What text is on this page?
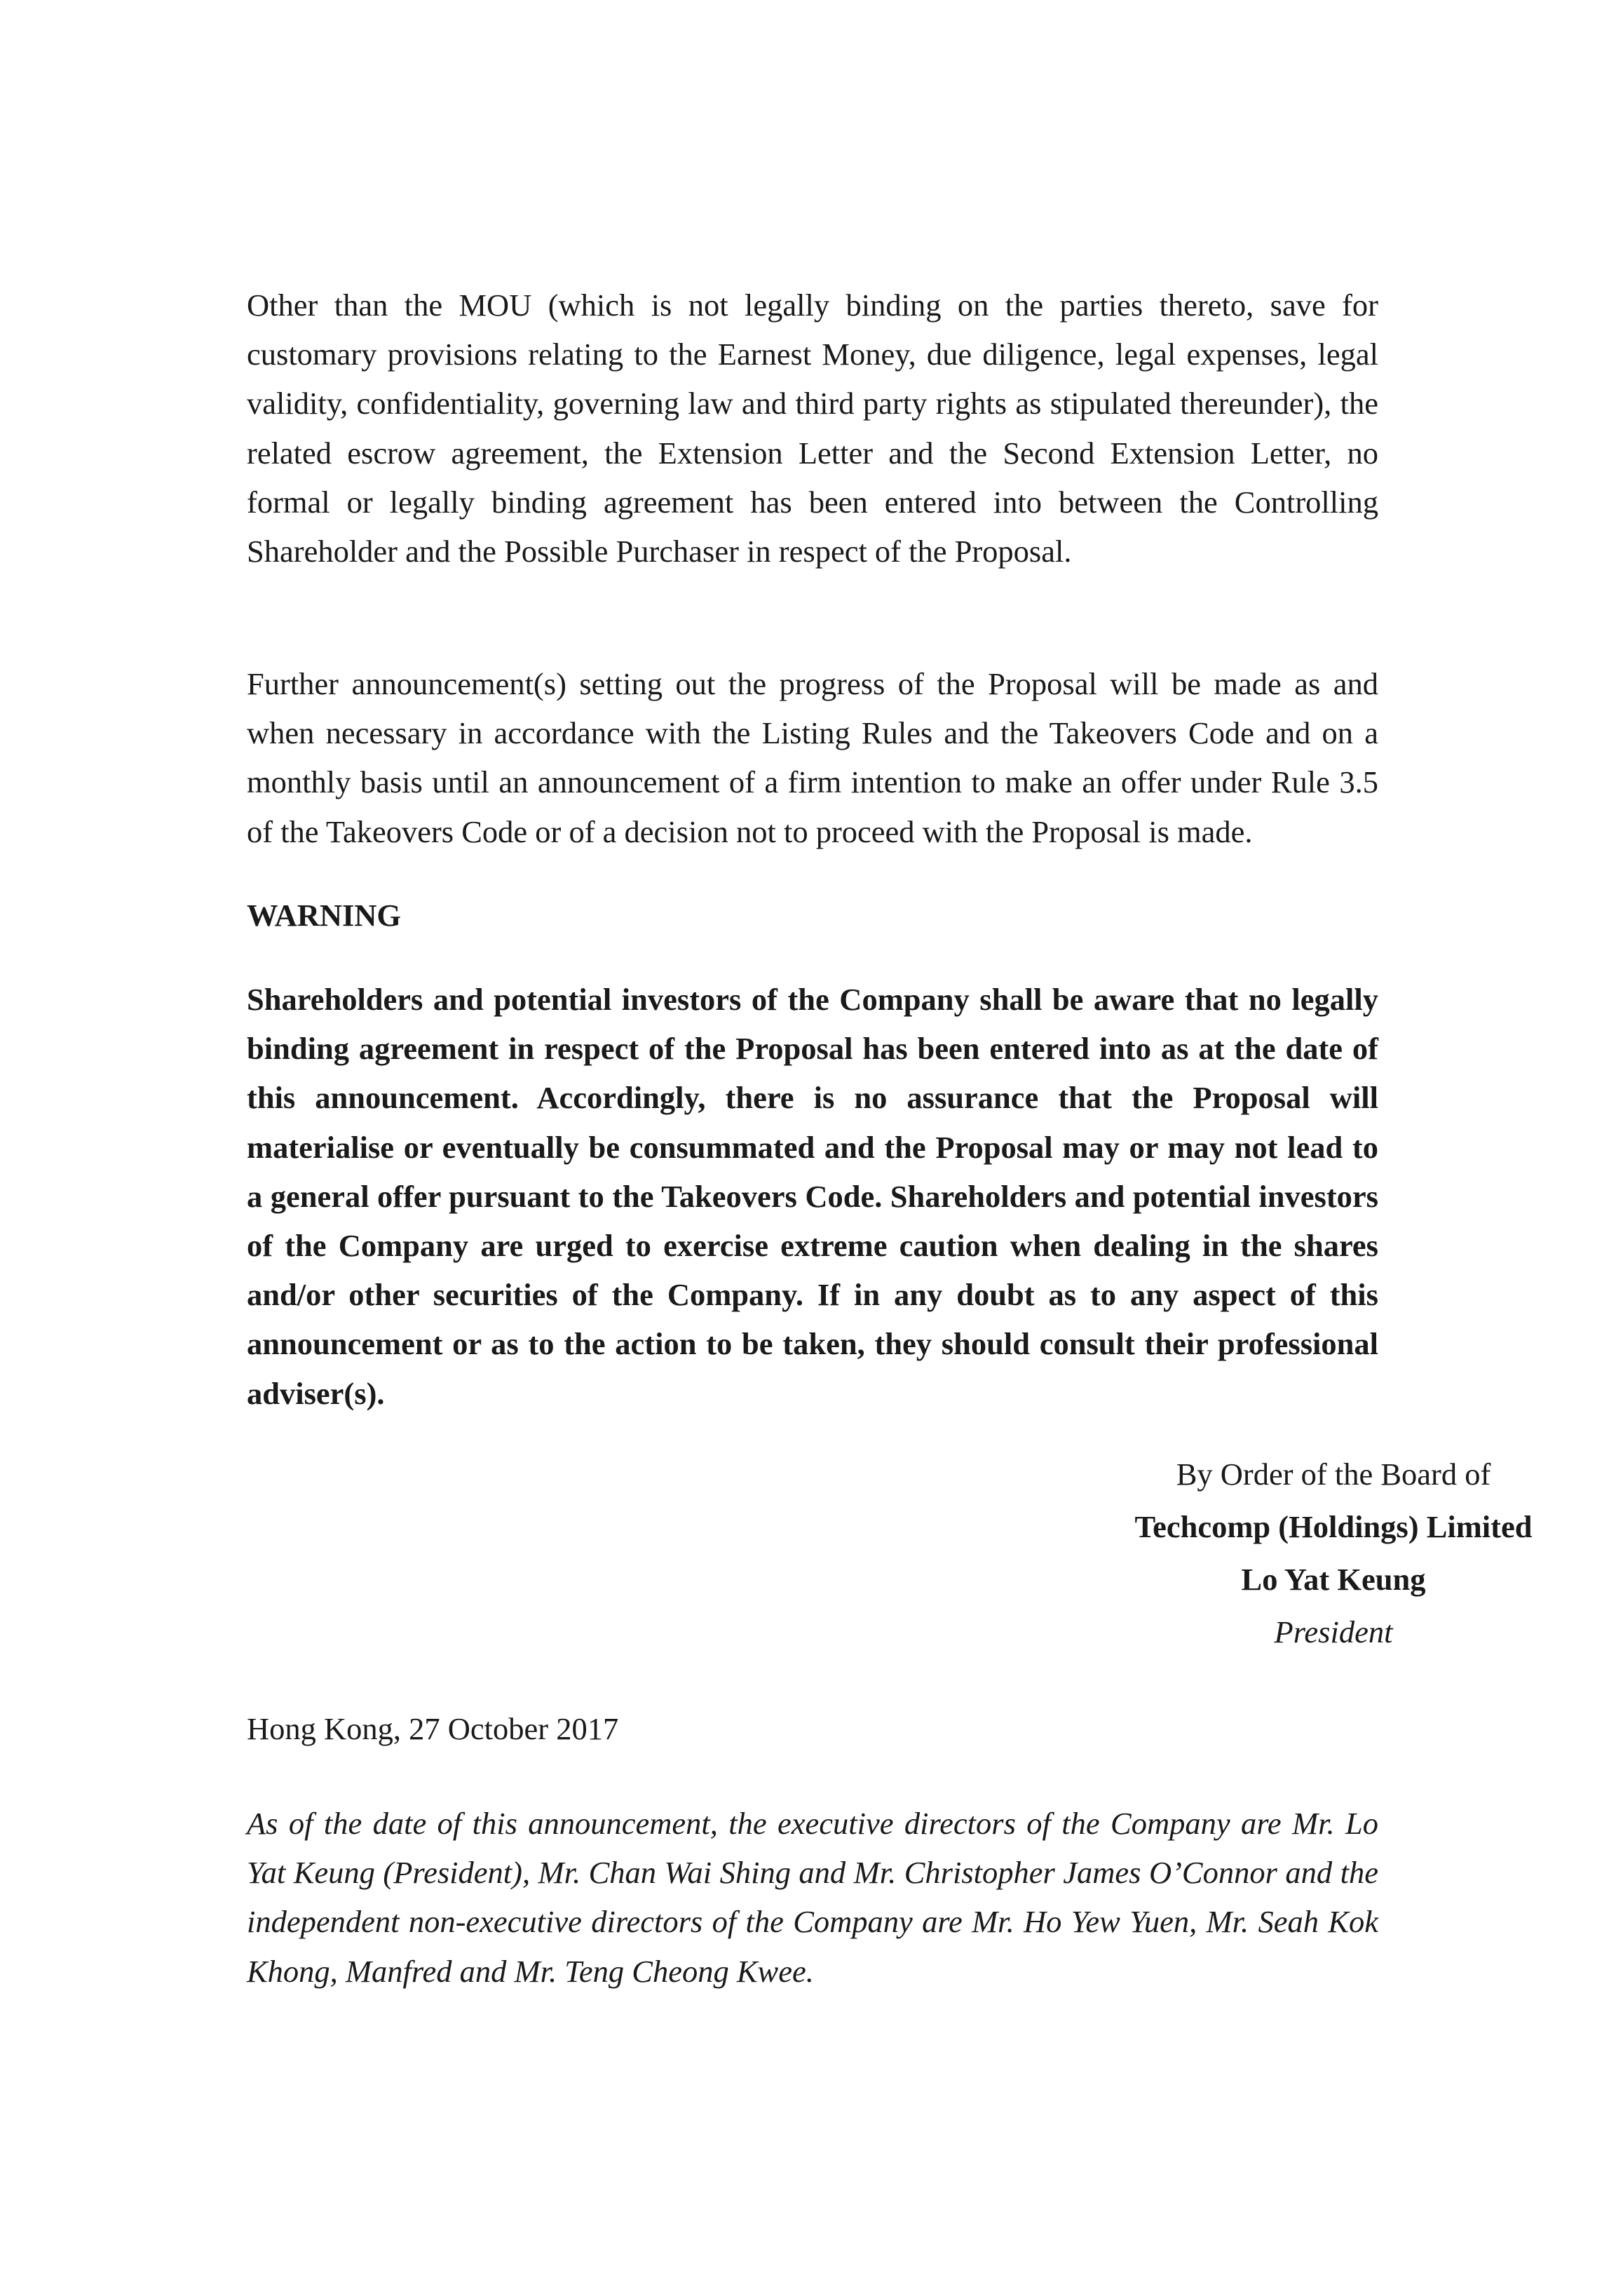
Other than the MOU (which is not legally binding on the parties thereto, save for customary provisions relating to the Earnest Money, due diligence, legal expenses, legal validity, confidentiality, governing law and third party rights as stipulated thereunder), the related escrow agreement, the Extension Letter and the Second Extension Letter, no formal or legally binding agreement has been entered into between the Controlling Shareholder and the Possible Purchaser in respect of the Proposal.

Further announcement(s) setting out the progress of the Proposal will be made as and when necessary in accordance with the Listing Rules and the Takeovers Code and on a monthly basis until an announcement of a firm intention to make an offer under Rule 3.5 of the Takeovers Code or of a decision not to proceed with the Proposal is made.

WARNING

Shareholders and potential investors of the Company shall be aware that no legally binding agreement in respect of the Proposal has been entered into as at the date of this announcement. Accordingly, there is no assurance that the Proposal will materialise or eventually be consummated and the Proposal may or may not lead to a general offer pursuant to the Takeovers Code. Shareholders and potential investors of the Company are urged to exercise extreme caution when dealing in the shares and/or other securities of the Company. If in any doubt as to any aspect of this announcement or as to the action to be taken, they should consult their professional adviser(s).

By Order of the Board of

Techcomp (Holdings) Limited

Lo Yat Keung

President

Hong Kong, 27 October 2017

As of the date of this announcement, the executive directors of the Company are Mr. Lo Yat Keung (President), Mr. Chan Wai Shing and Mr. Christopher James O’Connor and the independent non-executive directors of the Company are Mr. Ho Yew Yuen, Mr. Seah Kok Khong, Manfred and Mr. Teng Cheong Kwee.
